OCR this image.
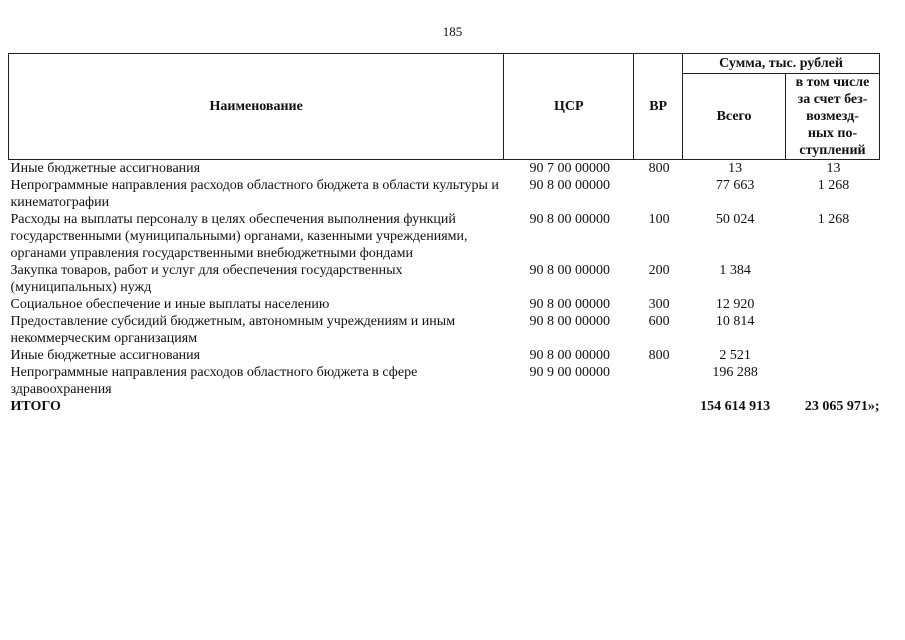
185
Наименование	ЦСР	ВР	Сумма, тыс. рублей	
			Всего	в том числе
за счет без-
возмезд-
ных по-
ступлений

Иные бюджетные ассигнования	90 7 00 00000	800	13	13
Непрограммные направления расходов областного бюджета в области культуры и кинематографии	90 8 00 00000		77 663	1 268
Расходы на выплаты персоналу в целях обеспечения выполнения функций государственными (муниципальными) органами, казенными учреждениями, органами управления государственными внебюджетными фондами	90 8 00 00000	100	50 024	1 268
Закупка товаров, работ и услуг для обеспечения государственных (муниципальных) нужд	90 8 00 00000	200	1 384	
Социальное обеспечение и иные выплаты населению	90 8 00 00000	300	12 920	
Предоставление субсидий бюджетным, автономным учреждениям и иным некоммерческим организациям	90 8 00 00000	600	10 814	
Иные бюджетные ассигнования	90 8 00 00000	800	2 521	
Непрограммные направления расходов областного бюджета в сфере здравоохранения	90 9 00 00000		196 288	
ИТОГО			154 614 913	23 065 971»;
